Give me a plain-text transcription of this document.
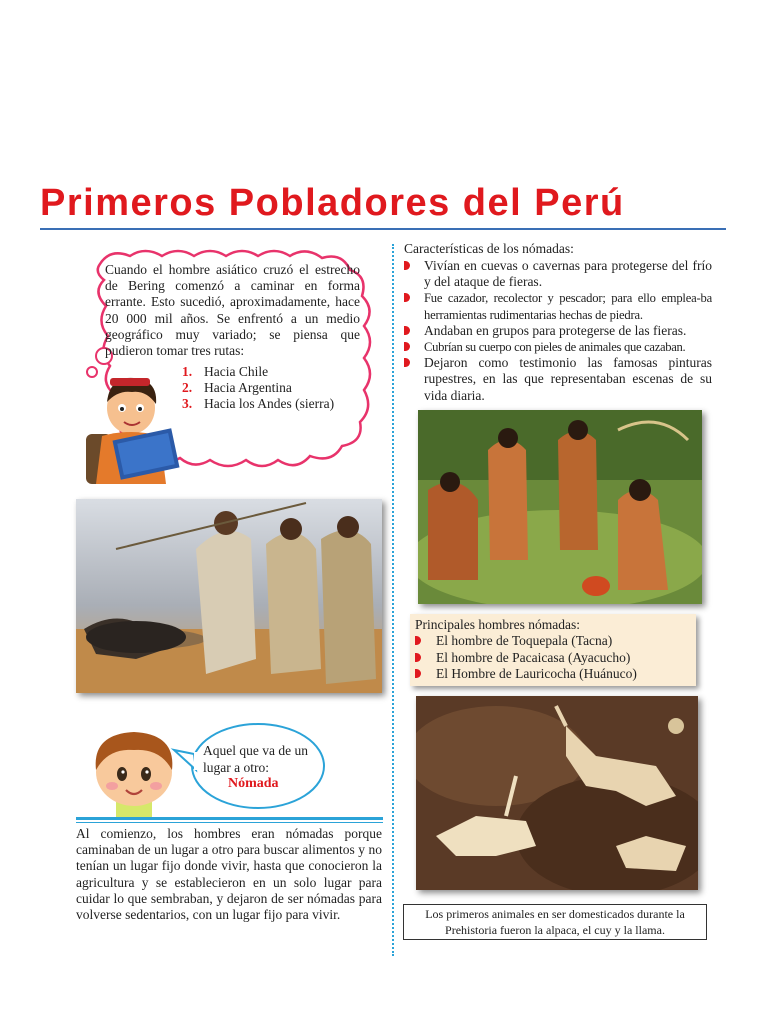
Primeros Pobladores del Perú
Cuando el hombre asiático cruzó el estrecho de Bering comenzó a caminar en forma errante. Esto sucedió, aproximadamente, hace 20 000 mil años. Se enfrentó a un medio geográfico muy variado; se piensa que pudieron tomar tres rutas:
1. Hacia Chile
2. Hacia Argentina
3. Hacia los Andes (sierra)
Aquel que va de un lugar a otro:
Nómada
Al comienzo, los hombres eran nómadas porque caminaban de un lugar a otro para buscar alimentos y no tenían un lugar fijo donde vivir, hasta que conocieron la agricultura y se establecieron en un solo lugar para cuidar lo que sembraban, y dejaron de ser nómadas para volverse sedentarios, con un lugar fijo para vivir.
Características de los nómadas:
Vivían en cuevas o cavernas para protegerse del frío y del ataque de fieras.
Fue cazador, recolector y pescador; para ello emplea-ba herramientas rudimentarias hechas de piedra.
Andaban en grupos para protegerse de las fieras.
Cubrían su cuerpo con pieles de animales que cazaban.
Dejaron como testimonio las famosas pinturas rupestres, en las que representaban escenas de su vida diaria.
Principales hombres nómadas:
El hombre de Toquepala (Tacna)
El hombre de Pacaicasa (Ayacucho)
El Hombre de Lauricocha (Huánuco)
Los primeros animales en ser domesticados durante la Prehistoria fueron la alpaca, el cuy y la llama.
